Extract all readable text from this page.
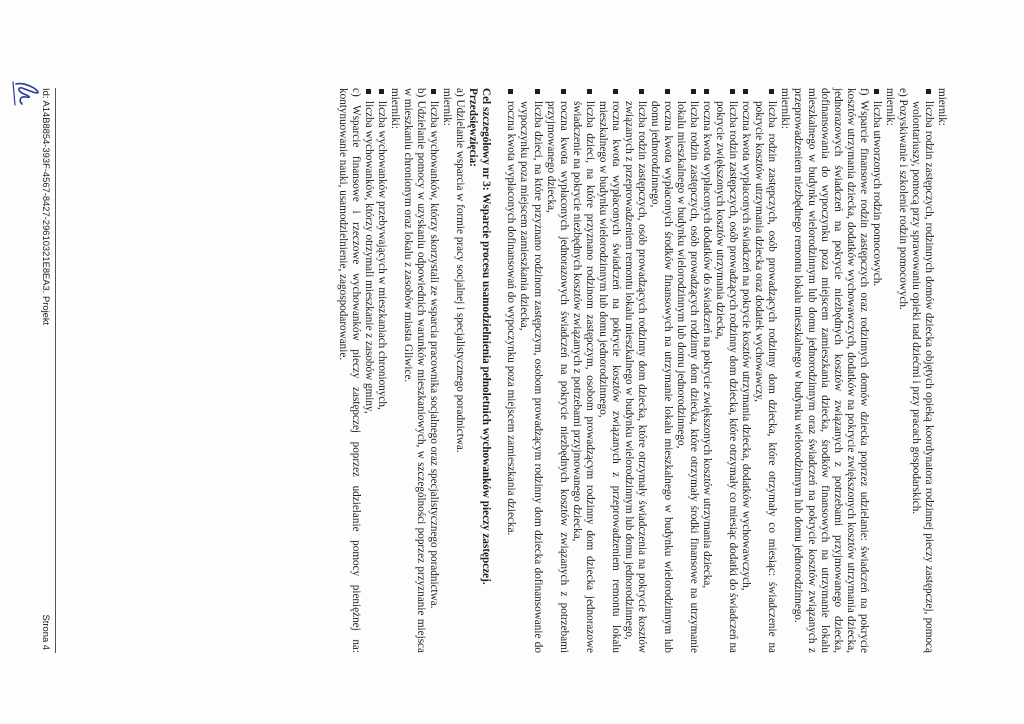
miernik:

liczba rodzin zastępczych, rodzinnych domów dziecka objętych opieką koordynatora rodzinnej pieczy zastępczej, pomocą wolontariuszy, pomocą przy sprawowaniu opieki nad dziećmi i przy pracach gospodarskich.

e) Pozyskiwanie i szkolenie rodzin pomocowych.

miernik:

liczba utworzonych rodzin pomocowych.

f) Wsparcie finansowe rodzin zastępczych oraz rodzinnych domów dziecka poprzez udzielanie: świadczeń na pokrycie kosztów utrzymania dziecka, dodatków wychowawczych, dodatków na pokrycie zwiększonych kosztów utrzymania dziecka, jednorazowych świadczeń na pokrycie niezbędnych kosztów związanych z potrzebami przyjmowanego dziecka, dofinansowania do wypoczynku poza miejscem zamieszkania dziecka, środków finansowych na utrzymanie lokalu mieszkalnego w budynku wielorodzinnym lub domu jednorodzinnym oraz świadczeń na pokrycie kosztów związanych z przeprowadzeniem niezbędnego remontu lokalu mieszkalnego w budynku wielorodzinnym lub domu jednorodzinnego.

mierniki:

liczba rodzin zastępczych, osób prowadzących rodzinny dom dziecka, które otrzymały co miesiąc: świadczenie na pokrycie kosztów utrzymania dziecka oraz dodatek wychowawczy,
roczna kwota wypłaconych świadczeń na pokrycie kosztów utrzymania dziecka, dodatków wychowawczych,
liczba rodzin zastępczych, osób prowadzących rodzinny dom dziecka, które otrzymały co miesiąc dodatki do świadczeń na pokrycie zwiększonych kosztów utrzymania dziecka,
roczna kwota wypłaconych dodatków do świadczeń na pokrycie zwiększonych kosztów utrzymania dziecka,
liczba rodzin zastępczych, osób prowadzących rodzinny dom dziecka, które otrzymały środki finansowe na utrzymanie lokalu mieszkalnego w budynku wielorodzinnym lub domu jednorodzinnego,
roczna kwota wypłaconych środków finansowych na utrzymanie lokalu mieszkalnego w budynku wielorodzinnym lub domu jednorodzinnego,
liczba rodzin zastępczych, osób prowadzących rodzinny dom dziecka, które otrzymały świadczenia na pokrycie kosztów związanych z przeprowadzeniem remontu lokalu mieszkalnego w budynku wielorodzinnym lub domu jednorodzinnego,
roczna kwota wypłaconych świadczeń na pokrycie kosztów związanych z przeprowadzeniem remontu lokalu mieszkalnego w budynku wielorodzinnym lub domu jednorodzinnego,
liczba dzieci, na które przyznano rodzinom zastępczym, osobom prowadzącym rodzinny dom dziecka jednorazowe świadczenie na pokrycie niezbędnych kosztów związanych z potrzebami przyjmowanego dziecka,
roczna kwota wypłaconych jednorazowych świadczeń na pokrycie niezbędnych kosztów związanych z potrzebami przyjmowanego dziecka,
liczba dzieci, na które przyznano rodzinom zastępczym, osobom prowadzącym rodzinny dom dziecka dofinansowanie do wypoczynku poza miejscem zamieszkania dziecka,
roczna kwota wypłaconych dofinansowań do wypoczynku poza miejscem zamieszkania dziecka.

Cel szczegółowy nr 3: Wsparcie procesu usamodzielnienia pełnoletnich wychowanków pieczy zastępczej.

Przedsięwzięcia:

a) Udzielanie wsparcia w formie pracy socjalnej i specjalistycznego poradnictwa.

miernik:

liczba wychowanków, którzy skorzystali ze wsparcia pracownika socjalnego oraz specjalistycznego poradnictwa.

b) Udzielanie pomocy w uzyskaniu odpowiednich warunków mieszkaniowych, w szczególności poprzez przyznanie miejsca w mieszkaniu chronionym oraz lokalu z zasobów miasta Gliwice.

mierniki:

liczba wychowanków przebywających w mieszkaniach chronionych,
liczba wychowanków, którzy otrzymali mieszkanie z zasobów gminy,

c) Wsparcie finansowe i rzeczowe wychowanków pieczy zastępczej poprzez udzielanie pomocy pieniężnej na: kontynuowanie nauki, usamodzielnienie, zagospodarowanie.

Id: A14B8854-393F-4567-8427-29610321E8EA3. Projekt
Strona 4
